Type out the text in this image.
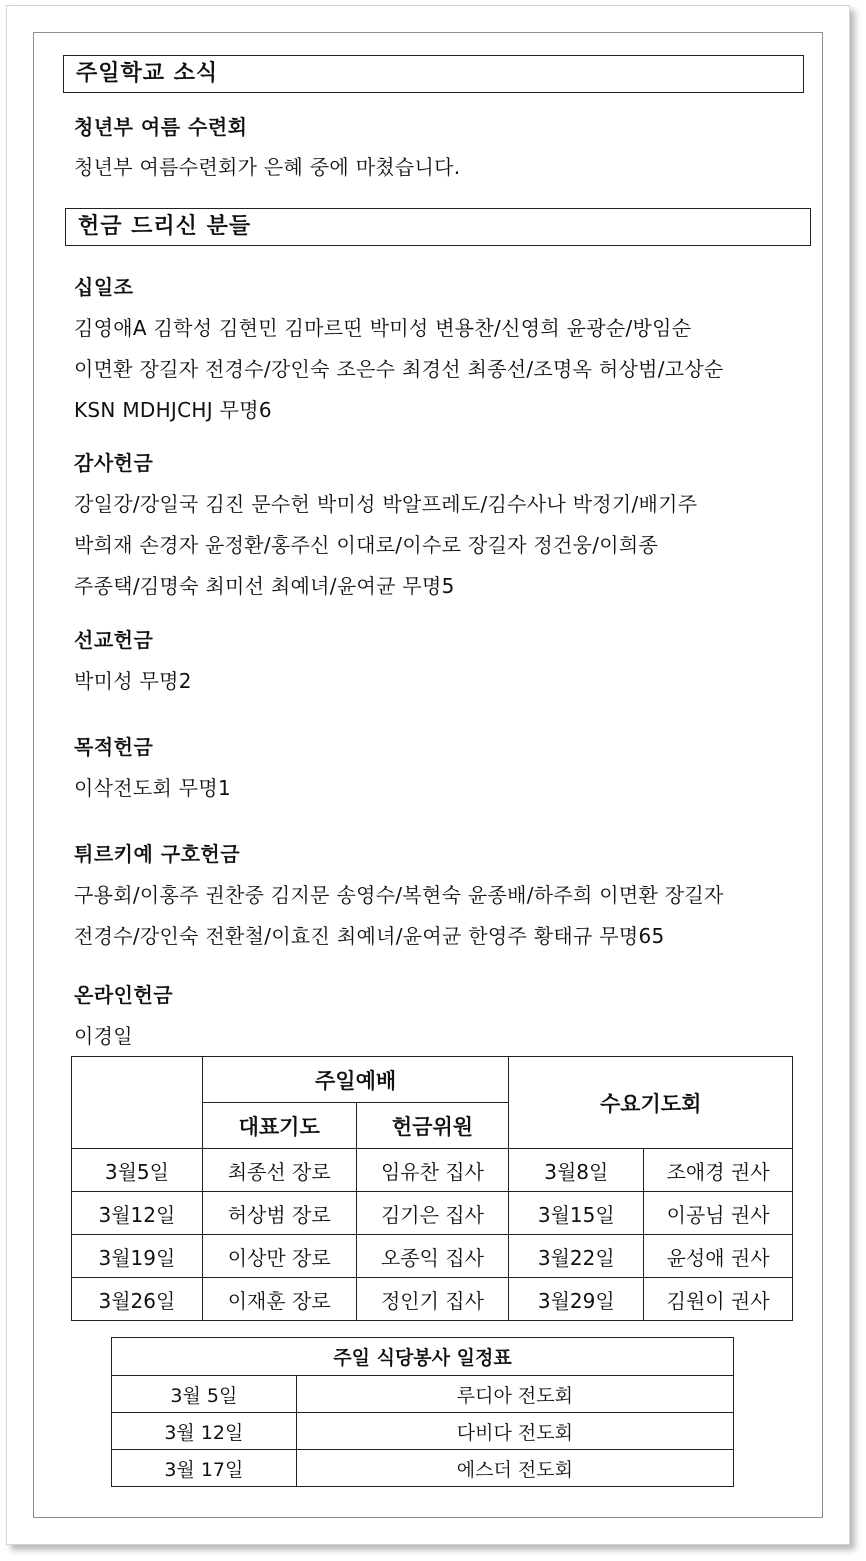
주일학교 소식
청년부 여름 수련회
청년부 여름수련회가 은혜 중에 마쳤습니다.
헌금 드리신 분들
십일조
김영애A 김학성 김현민 김마르띤 박미성 변용찬/신영희 윤광순/방임순
이면환 장길자 전경수/강인숙 조은수 최경선 최종선/조명옥 허상범/고상순
KSN MDHJCHJ 무명6
감사헌금
강일강/강일국 김진 문수헌 박미성 박알프레도/김수사나 박정기/배기주
박희재 손경자 윤정환/홍주신 이대로/이수로 장길자 정건웅/이희종
주종택/김명숙 최미선 최예녀/윤여균 무명5
선교헌금
박미성 무명2
목적헌금
이삭전도회 무명1
튀르키예 구호헌금
구용회/이홍주 권찬중 김지문 송영수/복현숙 윤종배/하주희 이면환 장길자
전경수/강인숙 전환철/이효진 최예녀/윤여균 한영주 황태규 무명65
온라인헌금
이경일
	주일예배		수요기도회	
	대표기도	헌금위원		
3월5일	최종선 장로	임유찬 집사	3월8일	조애경 권사
3월12일	허상범 장로	김기은 집사	3월15일	이공님 권사
3월19일	이상만 장로	오종익 집사	3월22일	윤성애 권사
3월26일	이재훈 장로	정인기 집사	3월29일	김원이 권사
주일 식당봉사 일정표	
3월 5일	루디아 전도회
3월 12일	다비다 전도회
3월 17일	에스더 전도회
